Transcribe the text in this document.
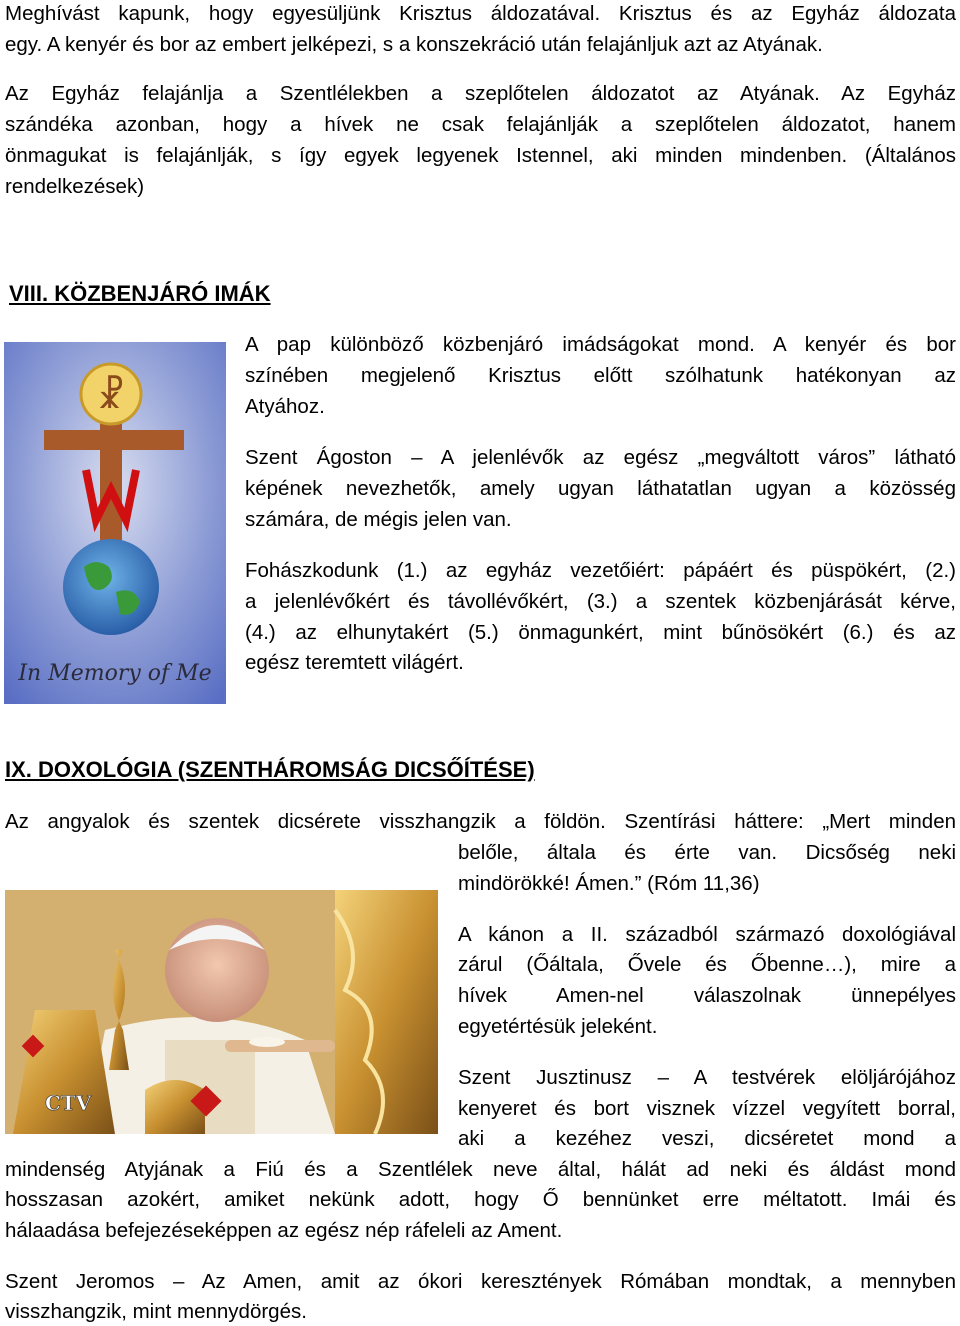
Meghívást kapunk, hogy egyesüljünk Krisztus áldozatával. Krisztus és az Egyház áldozata
egy. A kenyér és bor az embert jelképezi, s a konszekráció után felajánljuk azt az Atyának.
Az Egyház felajánlja a Szentlélekben a szeplőtelen áldozatot az Atyának. Az Egyház
szándéka azonban, hogy a hívek ne csak felajánlják a szeplőtelen áldozatot, hanem
önmagukat is felajánlják, s így egyek legyenek Istennel, aki minden mindenben. (Általános
rendelkezések)
VIII. KÖZBENJÁRÓ IMÁK
☧
In Memory of Me
A pap különböző közbenjáró imádságokat mond. A kenyér és bor
színében megjelenő Krisztus előtt szólhatunk hatékonyan az
Atyához.
Szent Ágoston – A jelenlévők az egész „megváltott város” látható
képének nevezhetők, amely ugyan láthatatlan ugyan a közösség
számára, de mégis jelen van.
Fohászkodunk (1.) az egyház vezetőiért: pápáért és püspökért, (2.)
a jelenlévőkért és távollévőkért, (3.) a szentek közbenjárását kérve,
(4.) az elhunytakért (5.) önmagunkért, mint bűnösökért (6.) és az
egész teremtett világért.
IX. DOXOLÓGIA (SZENTHÁROMSÁG DICSŐÍTÉSE)
Az angyalok és szentek dicsérete visszhangzik a földön. Szentírási háttere: „Mert minden
belőle, általa és érte van. Dicsőség neki
mindörökké! Ámen.” (Róm 11,36)
CTV
A kánon a II. századból származó doxológiával
zárul (Őáltala, Ővele és Őbenne…), mire a
hívek Amen-nel válaszolnak ünnepélyes
egyetértésük jeleként.
Szent Jusztinusz – A testvérek elöljárójához
kenyeret és bort visznek vízzel vegyített borral,
aki a kezéhez veszi, dicséretet mond a
mindenség Atyjának a Fiú és a Szentlélek neve által, hálát ad neki és áldást mond
hosszasan azokért, amiket nekünk adott, hogy Ő bennünket erre méltatott. Imái és
hálaadása befejezéseképpen az egész nép ráfeleli az Ament.
Szent Jeromos – Az Amen, amit az ókori keresztények Rómában mondtak, a mennyben
visszhangzik, mint mennydörgés.
